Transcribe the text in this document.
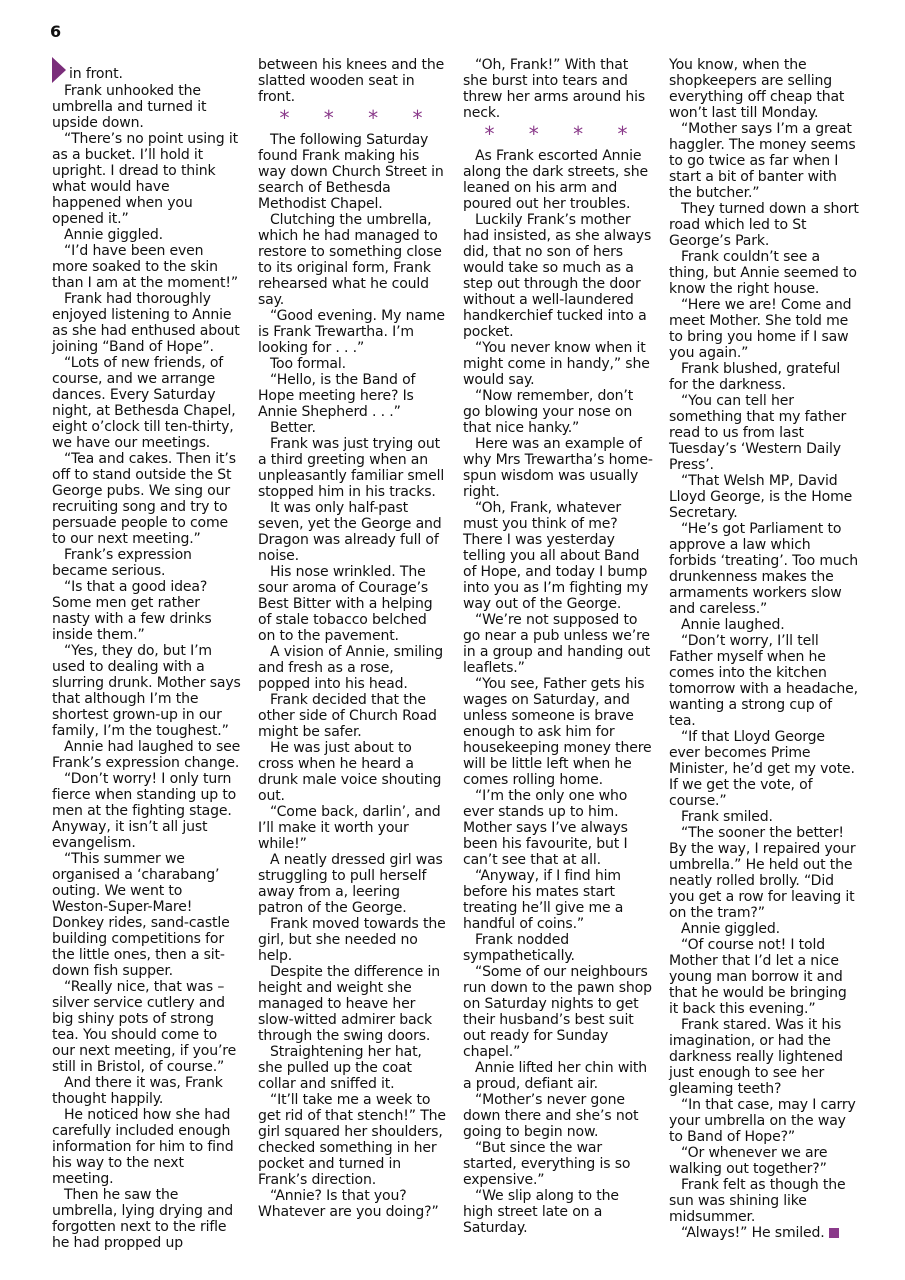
6

in front.

Frank unhooked the umbrella and turned it upside down.

“There’s no point using it as a bucket. I’ll hold it upright. I dread to think what would have happened when you opened it.”

Annie giggled.

“I’d have been even more soaked to the skin than I am at the moment!”

Frank had thoroughly enjoyed listening to Annie as she had enthused about joining “Band of Hope”.

“Lots of new friends, of course, and we arrange dances. Every Saturday night, at Bethesda Chapel, eight o’clock till ten-thirty, we have our meetings.

“Tea and cakes. Then it’s off to stand outside the St George pubs. We sing our recruiting song and try to persuade people to come to our next meeting.”

Frank’s expression became serious.

“Is that a good idea? Some men get rather nasty with a few drinks inside them.”

“Yes, they do, but I’m used to dealing with a slurring drunk. Mother says that although I’m the shortest grown-up in our family, I’m the toughest.”

Annie had laughed to see Frank’s expression change.

“Don’t worry! I only turn fierce when standing up to men at the fighting stage. Anyway, it isn’t all just evangelism.

“This summer we organised a ‘charabang’ outing. We went to Weston-Super-Mare! Donkey rides, sand-castle building competitions for the little ones, then a sit-down fish supper.

“Really nice, that was – silver service cutlery and big shiny pots of strong tea. You should come to our next meeting, if you’re still in Bristol, of course.”

And there it was, Frank thought happily.

He noticed how she had carefully included enough information for him to find his way to the next meeting.

Then he saw the umbrella, lying drying and forgotten next to the rifle he had propped up

between his knees and the slatted wooden seat in front.

* * * *

The following Saturday found Frank making his way down Church Street in search of Bethesda Methodist Chapel.

Clutching the umbrella, which he had managed to restore to something close to its original form, Frank rehearsed what he could say.

“Good evening. My name is Frank Trewartha. I’m looking for . . .”

Too formal.

“Hello, is the Band of Hope meeting here? Is Annie Shepherd . . .”

Better.

Frank was just trying out a third greeting when an unpleasantly familiar smell stopped him in his tracks.

It was only half-past seven, yet the George and Dragon was already full of noise.

His nose wrinkled. The sour aroma of Courage’s Best Bitter with a helping of stale tobacco belched on to the pavement.

A vision of Annie, smiling and fresh as a rose, popped into his head.

Frank decided that the other side of Church Road might be safer.

He was just about to cross when he heard a drunk male voice shouting out.

“Come back, darlin’, and I’ll make it worth your while!”

A neatly dressed girl was struggling to pull herself away from a, leering patron of the George.

Frank moved towards the girl, but she needed no help.

Despite the difference in height and weight she managed to heave her slow-witted admirer back through the swing doors.

Straightening her hat, she pulled up the coat collar and sniffed it.

“It’ll take me a week to get rid of that stench!” The girl squared her shoulders, checked something in her pocket and turned in Frank’s direction.

“Annie? Is that you? Whatever are you doing?”

“Oh, Frank!” With that she burst into tears and threw her arms around his neck.

* * * *

As Frank escorted Annie along the dark streets, she leaned on his arm and poured out her troubles.

Luckily Frank’s mother had insisted, as she always did, that no son of hers would take so much as a step out through the door without a well-laundered handkerchief tucked into a pocket.

“You never know when it might come in handy,” she would say.

“Now remember, don’t go blowing your nose on that nice hanky.”

Here was an example of why Mrs Trewartha’s home-spun wisdom was usually right.

“Oh, Frank, whatever must you think of me? There I was yesterday telling you all about Band of Hope, and today I bump into you as I’m fighting my way out of the George.

“We’re not supposed to go near a pub unless we’re in a group and handing out leaflets.”

“You see, Father gets his wages on Saturday, and unless someone is brave enough to ask him for housekeeping money there will be little left when he comes rolling home.

“I’m the only one who ever stands up to him. Mother says I’ve always been his favourite, but I can’t see that at all.

“Anyway, if I find him before his mates start treating he’ll give me a handful of coins.”

Frank nodded sympathetically.

“Some of our neighbours run down to the pawn shop on Saturday nights to get their husband’s best suit out ready for Sunday chapel.”

Annie lifted her chin with a proud, defiant air.

“Mother’s never gone down there and she’s not going to begin now.

“But since the war started, everything is so expensive.”

“We slip along to the high street late on a Saturday.

You know, when the shopkeepers are selling everything off cheap that won’t last till Monday.

“Mother says I’m a great haggler. The money seems to go twice as far when I start a bit of banter with the butcher.”

They turned down a short road which led to St George’s Park.

Frank couldn’t see a thing, but Annie seemed to know the right house.

“Here we are! Come and meet Mother. She told me to bring you home if I saw you again.”

Frank blushed, grateful for the darkness.

“You can tell her something that my father read to us from last Tuesday’s ‘Western Daily Press’.

“That Welsh MP, David Lloyd George, is the Home Secretary.

“He’s got Parliament to approve a law which forbids ‘treating’. Too much drunkenness makes the armaments workers slow and careless.”

Annie laughed.

“Don’t worry, I’ll tell Father myself when he comes into the kitchen tomorrow with a headache, wanting a strong cup of tea.

“If that Lloyd George ever becomes Prime Minister, he’d get my vote. If we get the vote, of course.”

Frank smiled.

“The sooner the better! By the way, I repaired your umbrella.” He held out the neatly rolled brolly. “Did you get a row for leaving it on the tram?”

Annie giggled.

“Of course not! I told Mother that I’d let a nice young man borrow it and that he would be bringing it back this evening.”

Frank stared. Was it his imagination, or had the darkness really lightened just enough to see her gleaming teeth?

“In that case, may I carry your umbrella on the way to Band of Hope?”

“Or whenever we are walking out together?”

Frank felt as though the sun was shining like midsummer.

“Always!” He smiled.
